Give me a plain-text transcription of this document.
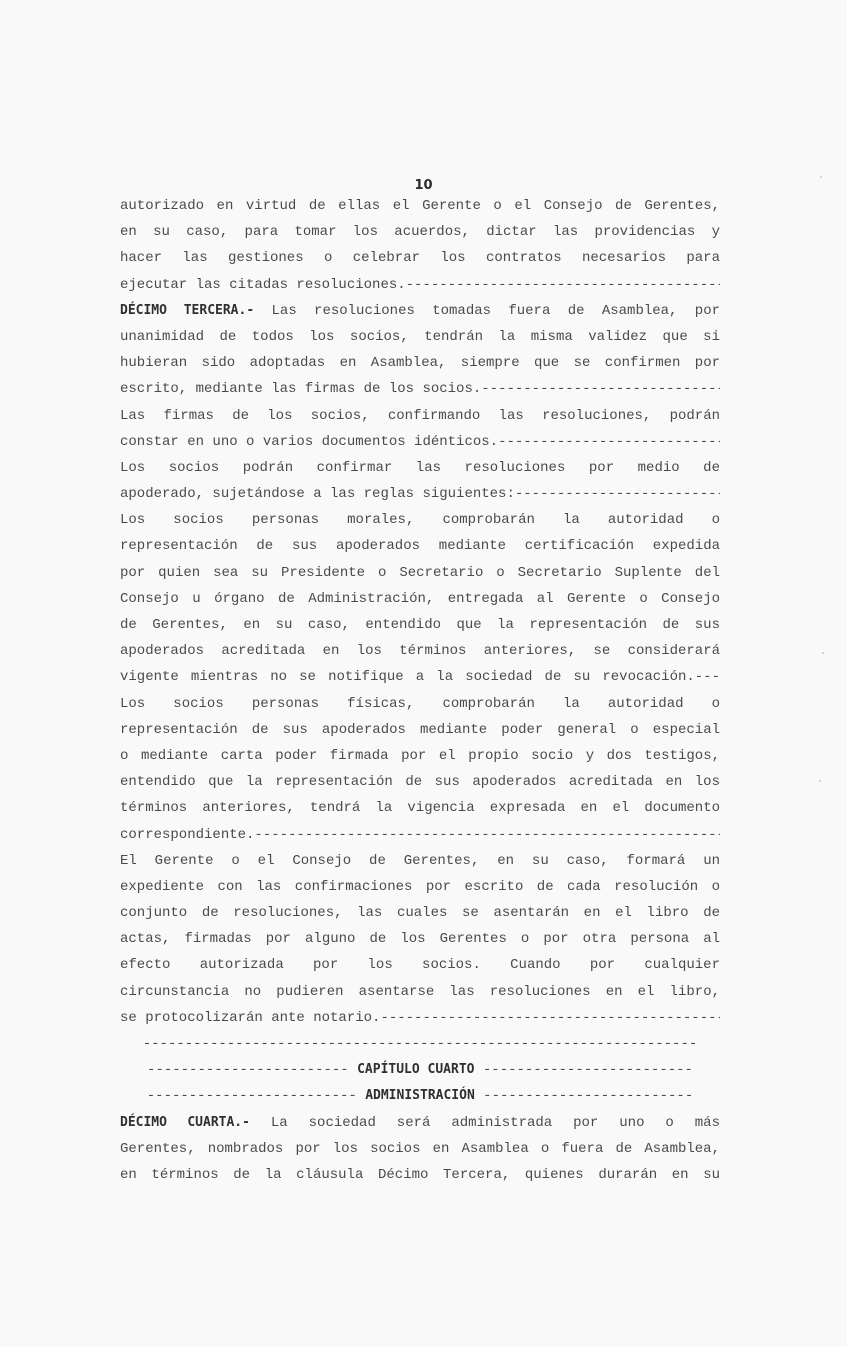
10
autorizado en virtud de ellas el Gerente o el Consejo de Gerentes,
en su caso, para tomar los acuerdos, dictar las providencias y
hacer las gestiones o celebrar los contratos necesarios para
ejecutar las citadas resoluciones. -----
DÉCIMO TERCERA.- Las resoluciones tomadas fuera de Asamblea, por
unanimidad de todos los socios, tendrán la misma validez que si
hubieran sido adoptadas en Asamblea, siempre que se confirmen por
escrito, mediante las firmas de los socios. -----
Las firmas de los socios, confirmando las resoluciones, podrán
constar en uno o varios documentos idénticos. -----
Los socios podrán confirmar las resoluciones por medio de
apoderado, sujetándose a las reglas siguientes: -----
Los socios personas morales, comprobarán la autoridad o
representación de sus apoderados mediante certificación expedida
por quien sea su Presidente o Secretario o Secretario Suplente del
Consejo u órgano de Administración, entregada al Gerente o Consejo
de Gerentes, en su caso, entendido que la representación de sus
apoderados acreditada en los términos anteriores, se considerará
vigente mientras no se notifique a la sociedad de su revocación.---
Los socios personas físicas, comprobarán la autoridad o
representación de sus apoderados mediante poder general o especial
o mediante carta poder firmada por el propio socio y dos testigos,
entendido que la representación de sus apoderados acreditada en los
términos anteriores, tendrá la vigencia expresada en el documento
correspondiente. -----
El Gerente o el Consejo de Gerentes, en su caso, formará un
expediente con las confirmaciones por escrito de cada resolución o
conjunto de resoluciones, las cuales se asentarán en el libro de
actas, firmadas por alguno de los Gerentes o por otra persona al
efecto autorizada por los socios. Cuando por cualquier
circunstancia no pudieren asentarse las resoluciones en el libro,
se protocolizarán ante notario. -----
------------------------------------------------------------------
------------------------ CAPÍTULO CUARTO -------------------------
------------------------- ADMINISTRACIÓN -------------------------
DÉCIMO CUARTA.- La sociedad será administrada por uno o más
Gerentes, nombrados por los socios en Asamblea o fuera de Asamblea,
en términos de la cláusula Décimo Tercera, quienes durarán en su
